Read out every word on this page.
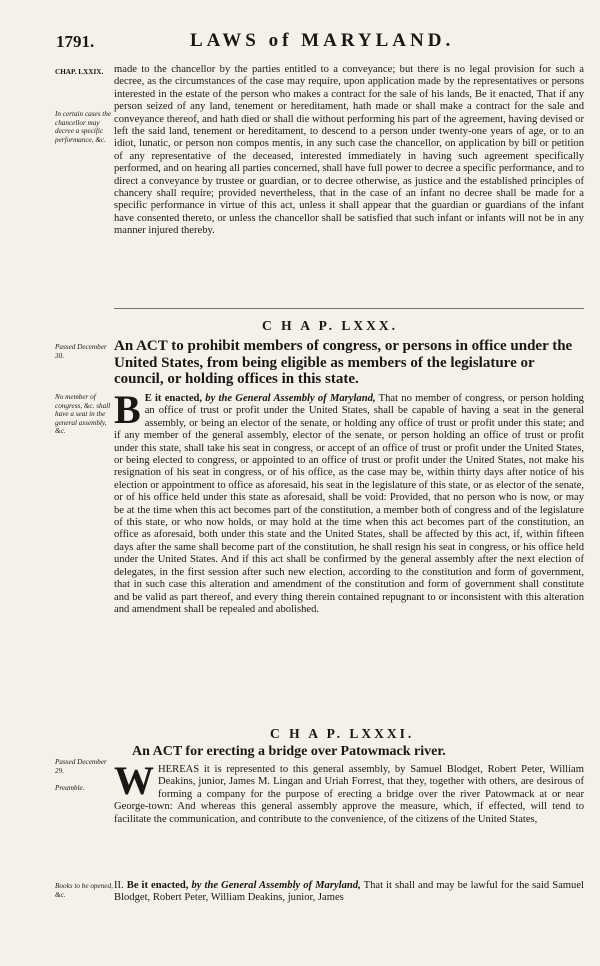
1791.	LAWS of MARYLAND.
CHAP. LXXIX.
In certain cases the chancellor may decree a specific performance, &c.
Passed December 30.
No member of congress, &c. shall have a seat in the general assembly, &c.
Passed December 29.
Preamble.
Books to be opened, &c.

made to the chancellor by the parties entitled to a conveyance; but there is no legal provision for such a decree, as the circumstances of the case may require, upon application made by the representatives or persons interested in the estate of the person who makes a contract for the sale of his lands, Be it enacted, That if any person seized of any land, tenement or hereditament, hath made or shall make a contract for the sale and conveyance thereof, and hath died or shall die without performing his part of the agreement, having devised or left the said land, tenement or hereditament, to descend to a person under twenty-one years of age, or to an idiot, lunatic, or person non compos mentis, in any such case the chancellor, on application by bill or petition of any representative of the deceased, interested immediately in having such agreement specifically performed, and on hearing all parties concerned, shall have full power to decree a specific performance, and to direct a conveyance by trustee or guardian, or to decree otherwise, as justice and the established principles of chancery shall require; provided nevertheless, that in the case of an infant no decree shall be made for a specific performance in virtue of this act, unless it shall appear that the guardian or guardians of the infant have consented thereto, or unless the chancellor shall be satisfied that such infant or infants will not be in any manner injured thereby.

C H A P. LXXX.
An ACT to prohibit members of congress, or persons in office under the United States, from being eligible as members of the legislature or council, or holding offices in this state.

B E it enacted, by the General Assembly of Maryland, That no member of congress, or person holding an office of trust or profit under the United States, shall be capable of having a seat in the general assembly, or being an elector of the senate, or holding any office of trust or profit under this state; and if any member of the general assembly, elector of the senate, or person holding an office of trust or profit under this state, shall take his seat in congress, or accept of an office of trust or profit under the United States, or being elected to congress, or appointed to an office of trust or profit under the United States, not make his resignation of his seat in congress, or of his office, as the case may be, within thirty days after notice of his election or appointment to office as aforesaid, his seat in the legislature of this state, or as elector of the senate, or of his office held under this state as aforesaid, shall be void: Provided, that no person who is now, or may be at the time when this act becomes part of the constitution, a member both of congress and of the legislature of this state, or who now holds, or may hold at the time when this act becomes part of the constitution, an office as aforesaid, both under this state and the United States, shall be affected by this act, if, within fifteen days after the same shall become part of the constitution, he shall resign his seat in congress, or his office held under the United States. And if this act shall be confirmed by the general assembly after the next election of delegates, in the first session after such new election, according to the constitution and form of government, that in such case this alteration and amendment of the constitution and form of government shall constitute and be valid as part thereof, and every thing therein contained repugnant to or inconsistent with this alteration and amendment shall be repealed and abolished.

C H A P. LXXXI.
An ACT for erecting a bridge over Patowmack river.

WHEREAS it is represented to this general assembly, by Samuel Blodget, Robert Peter, William Deakins, junior, James M. Lingan and Uriah Forrest, that they, together with others, are desirous of forming a company for the purpose of erecting a bridge over the river Patowmack at or near George-town: And whereas this general assembly approve the measure, which, if effected, will tend to facilitate the communication, and contribute to the convenience, of the citizens of the United States,

II. Be it enacted, by the General Assembly of Maryland, That it shall and may be lawful for the said Samuel Blodget, Robert Peter, William Deakins, junior, James
